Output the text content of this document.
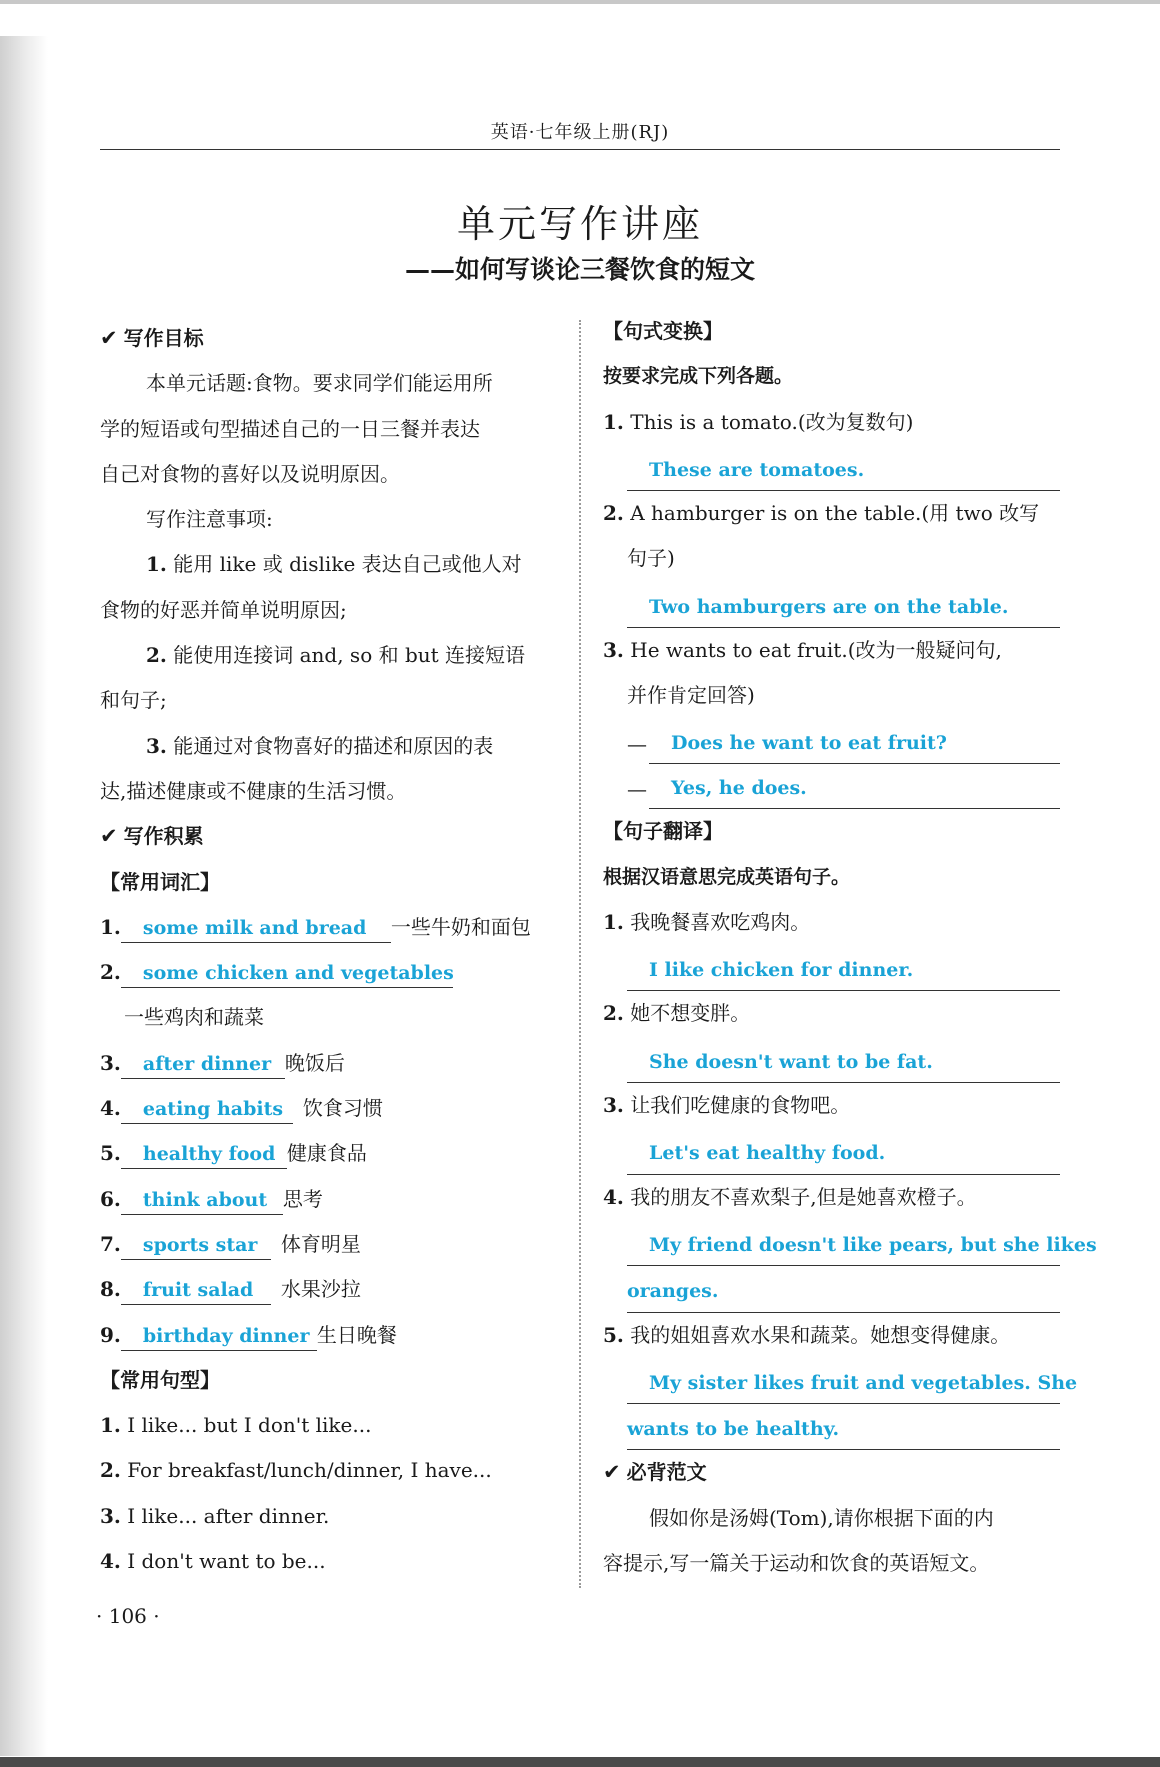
英语·七年级上册(RJ)
单元写作讲座
——如何写谈论三餐饮食的短文
✔ 写作目标
本单元话题:食物。要求同学们能运用所
学的短语或句型描述自己的一日三餐并表达
自己对食物的喜好以及说明原因。
写作注意事项:
1. 能用 like 或 dislike 表达自己或他人对
食物的好恶并简单说明原因;
2. 能使用连接词 and, so 和 but 连接短语
和句子;
3. 能通过对食物喜好的描述和原因的表
达,描述健康或不健康的生活习惯。
✔ 写作积累
【常用词汇】
1. some milk and bread 一些牛奶和面包
2. some chicken and vegetables
一些鸡肉和蔬菜
3. after dinner 晚饭后
4. eating habits 饮食习惯
5. healthy food 健康食品
6. think about 思考
7. sports star 体育明星
8. fruit salad 水果沙拉
9. birthday dinner 生日晚餐
【常用句型】
1. I like... but I don't like...
2. For breakfast/lunch/dinner, I have...
3. I like... after dinner.
4. I don't want to be...
【句式变换】
按要求完成下列各题。
1. This is a tomato.(改为复数句)
These are tomatoes.
2. A hamburger is on the table.(用 two 改写
句子)
Two hamburgers are on the table.
3. He wants to eat fruit.(改为一般疑问句,
并作肯定回答)
—	Does he want to eat fruit?
—	Yes, he does.
【句子翻译】
根据汉语意思完成英语句子。
1. 我晚餐喜欢吃鸡肉。
I like chicken for dinner.
2. 她不想变胖。
She doesn't want to be fat.
3. 让我们吃健康的食物吧。
Let's eat healthy food.
4. 我的朋友不喜欢梨子,但是她喜欢橙子。
My friend doesn't like pears, but she likes
oranges.
5. 我的姐姐喜欢水果和蔬菜。她想变得健康。
My sister likes fruit and vegetables. She
wants to be healthy.
✔ 必背范文
假如你是汤姆(Tom),请你根据下面的内
容提示,写一篇关于运动和饮食的英语短文。
· 106 ·
